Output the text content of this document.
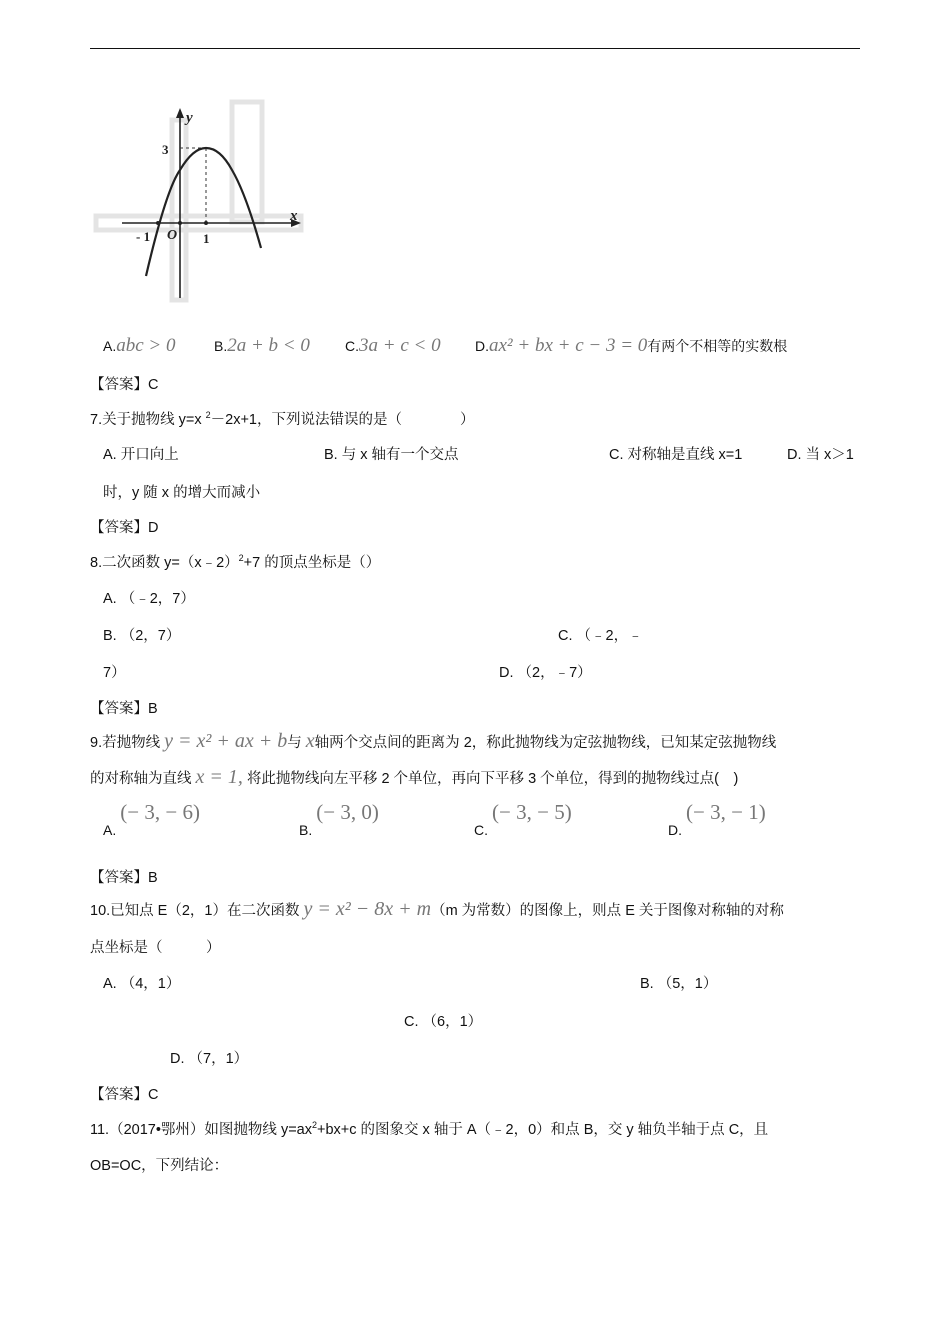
y
x
3
- 1 O 1
A.abc > 0	B.2a + b < 0	C.3a + c < 0 D.ax² + bx + c − 3 = 0有两个不相等的实数根
【答案】C
7.关于抛物线 y=x $^2$－2x+1，下列说法错误的是（　　　　）
A. 开口向上	B. 与 x 轴有一个交点	C. 对称轴是直线 x=1	D. 当 x＞1
时，y 随 x 的增大而减小
【答案】D
8.二次函数 y=（x﹣2）$^2$+7 的顶点坐标是（）
A. （﹣2，7）
B. （2，7）	C. （﹣2，﹣
7）	D. （2，﹣7）
【答案】B
9.若抛物线 y = x² + ax + b与 x轴两个交点间的距离为 2，称此抛物线为定弦抛物线，已知某定弦抛物线
的对称轴为直线 x = 1, 将此抛物线向左平移 2 个单位，再向下平移 3 个单位，得到的抛物线过点(　)
A. (− 3, − 6)
B. (− 3, 0)
C. (− 3, − 5)
D. (− 3, − 1)
【答案】B
10.已知点 E（2，1）在二次函数 y = x² − 8x + m（m 为常数）的图像上，则点 E 关于图像对称轴的对称
点坐标是（　　　）
A. （4，1）	B. （5，1）
C. （6，1）
D. （7，1）
【答案】C
11.（2017•鄂州）如图抛物线 $y=ax^2+bx+c$ 的图象交 x 轴于 A（﹣2，0）和点 B，交 y 轴负半轴于点 C，且
OB=OC，下列结论：
